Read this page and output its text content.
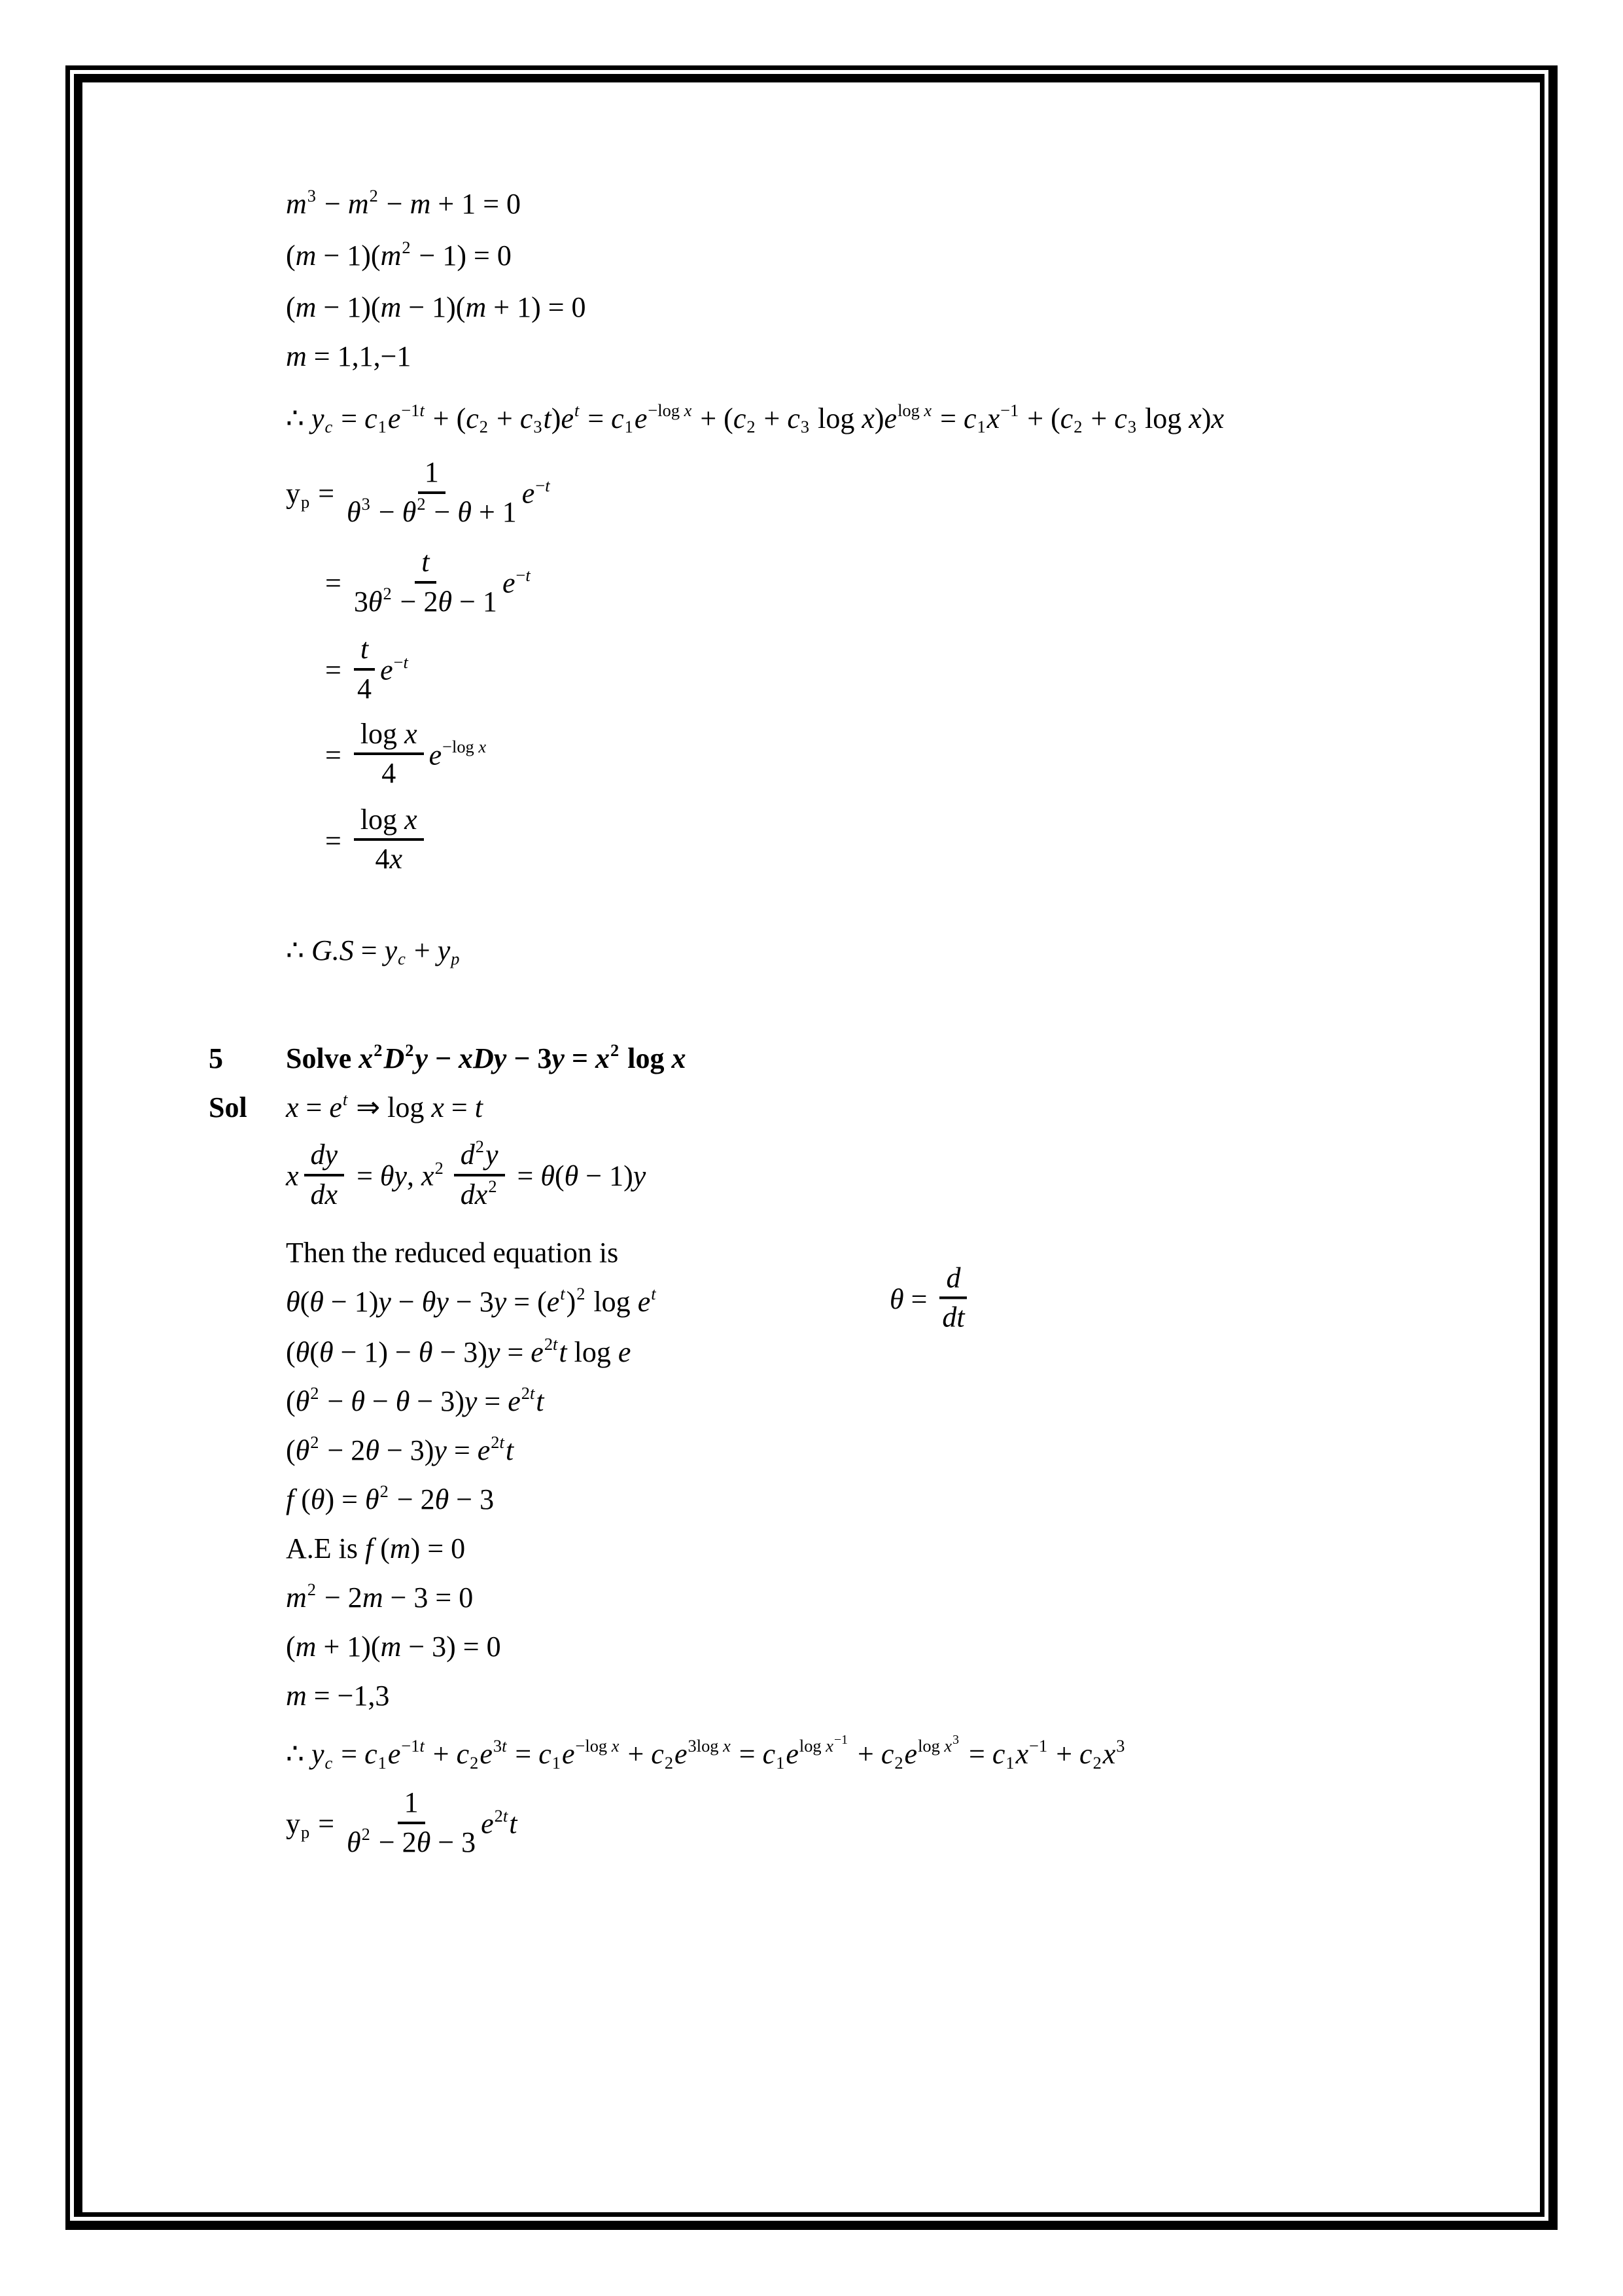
$m^3 - m^2 - m + 1 = 0$
$(m - 1)(m^2 - 1) = 0$
(m − 1)(m − 1)(m + 1) = 0
m = 1,1,−1
∴ yc = $c1e^{-1t} + (c2 + c3t)e^t = c1e^{-log x} + (c2 + c3$ $\log x)e^{log x} = c1x^{-1} + (c2 + c3$ log x)x
yp = $\frac{1}{\theta^3 - \theta^2 - \theta + 1} e^{-t}$
= $\frac{t}{3\theta^2 - 2\theta - 1} e^{-t}$
= $\frac{t}{4} e^{-t}$
= $\frac{\text{log x}}{4} e^{-log x}$
= $\frac{\text{log x}}{4x}$
∴ G.S = yc + yp
5	Solve $x^2D^2y$ − xDy − $3y = x^2$ log x
Sol	$x = e^t$ ⇒ log x = t
x $\frac{dy}{dx} = \theta y$, $x^2 \frac{d^2y}{dx^2} = \theta(\theta - 1)y$
Then the reduced equation is
$\theta(\theta - 1)y - \theta y - 3y = (e^t)^2$ $\log e^t$	$\theta = \frac{d}{dt}$
$(\theta(\theta - 1) - \theta - 3)y = e^{2t}t$ log e
$(\theta^2 - \theta - \theta - 3)y = e^{2t}t$
$(\theta^2 - 2\theta - 3)y = e^{2t}t$
f $(\theta) = \theta^2 - 2\theta - 3$
A.E is f (m) = 0
$m^2 - 2m - 3 = 0$
(m + 1)(m − 3) = 0
m = −1,3
∴ yc = $c1e^{-1t} + c2e^{3t} = c1e^{-log x} + c2e^{3log x} = c1e^{log x^{-1}} + c2e^{log x^3} = c1x^{-1} + c2x^3$
yp = $\frac{1}{\theta^2 - 2\theta - 3} e^{2t}t$
